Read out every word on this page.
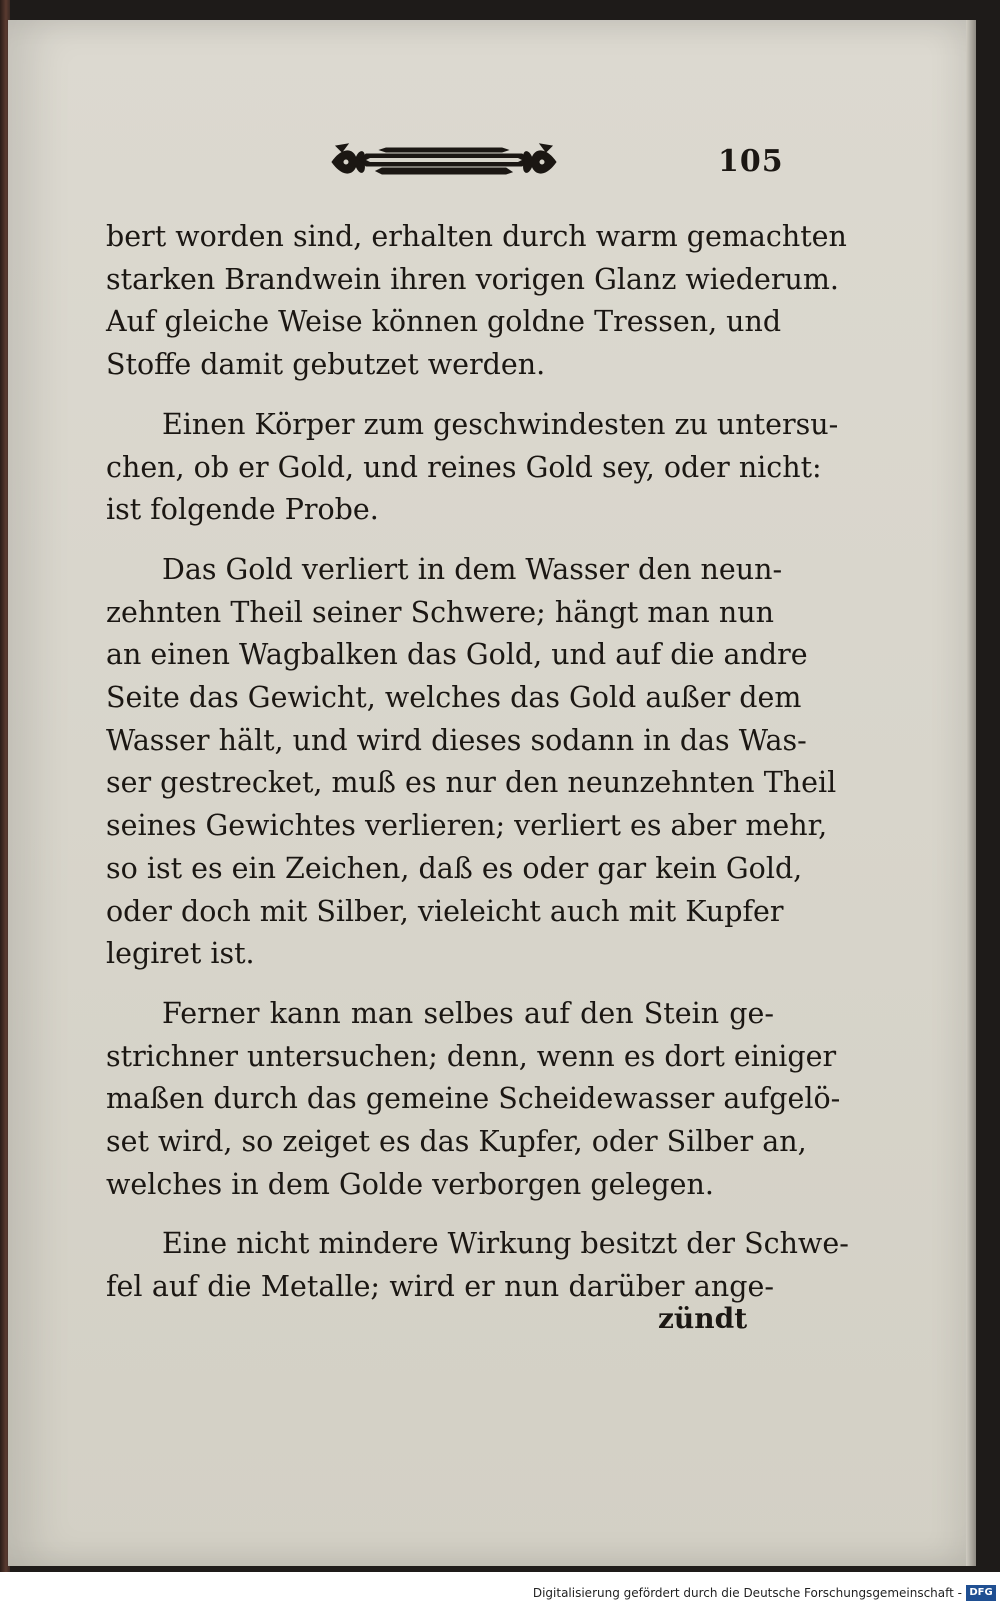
105
bert worden sind, erhalten durch warm gemachten
starken Brandwein ihren vorigen Glanz wiederum.
Auf gleiche Weise können goldne Tressen, und
Stoffe damit gebutzet werden.
Einen Körper zum geschwindesten zu untersu-
chen, ob er Gold, und reines Gold sey, oder nicht:
ist folgende Probe.
Das Gold verliert in dem Wasser den neun-
zehnten Theil seiner Schwere; hängt man nun
an einen Wagbalken das Gold, und auf die andre
Seite das Gewicht, welches das Gold außer dem
Wasser hält, und wird dieses sodann in das Was-
ser gestrecket, muß es nur den neunzehnten Theil
seines Gewichtes verlieren; verliert es aber mehr,
so ist es ein Zeichen, daß es oder gar kein Gold,
oder doch mit Silber, vieleicht auch mit Kupfer
legiret ist.
Ferner kann man selbes auf den Stein ge-
strichner untersuchen; denn, wenn es dort einiger
maßen durch das gemeine Scheidewasser aufgelö-
set wird, so zeiget es das Kupfer, oder Silber an,
welches in dem Golde verborgen gelegen.
Eine nicht mindere Wirkung besitzt der Schwe-
fel auf die Metalle; wird er nun darüber ange-
zündt
Digitalisierung gefördert durch die Deutsche Forschungsgemeinschaft - DFG
